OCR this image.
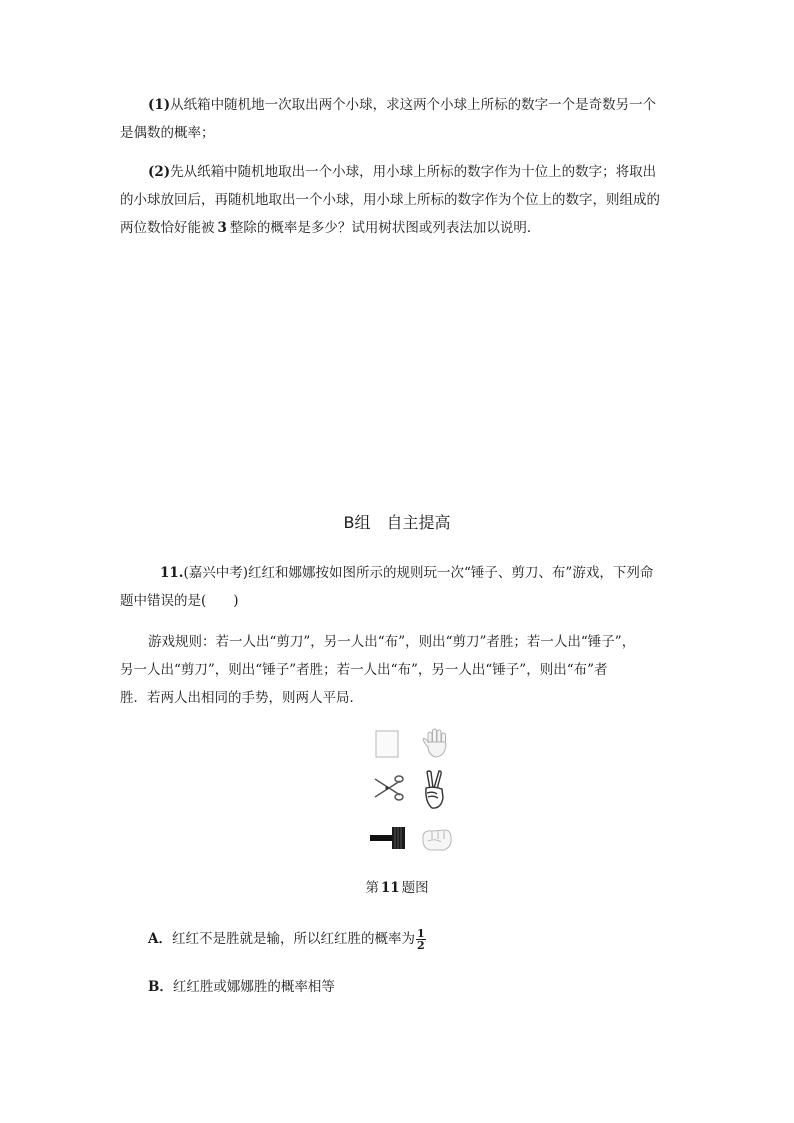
(1)从纸箱中随机地一次取出两个小球，求这两个小球上所标的数字一个是奇数另一个
是偶数的概率；
(2)先从纸箱中随机地取出一个小球，用小球上所标的数字作为十位上的数字；将取出
的小球放回后，再随机地取出一个小球，用小球上所标的数字作为个位上的数字，则组成的
两位数恰好能被 3 整除的概率是多少？试用树状图或列表法加以说明．
B组　自主提高
11.(嘉兴中考)红红和娜娜按如图所示的规则玩一次“锤子、剪刀、布”游戏，下列命
题中错误的是(　　)
游戏规则：若一人出“剪刀”，另一人出“布”，则出“剪刀”者胜；若一人出“锤子”，
另一人出“剪刀”，则出“锤子”者胜；若一人出“布”，另一人出“锤子”，则出“布”者
胜．若两人出相同的手势，则两人平局．
第 11 题图
A．红红不是胜就是输，所以红红胜的概率为 $\frac{1}{2}$
B．红红胜或娜娜胜的概率相等
